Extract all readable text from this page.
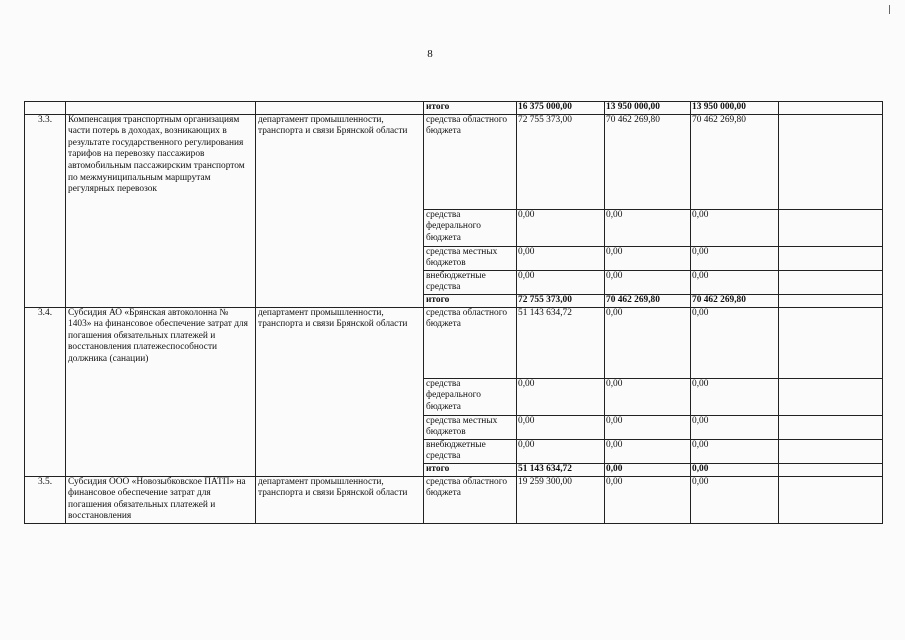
8
			итого	16 375 000,00	13 950 000,00	13 950 000,00	
3.3.	Компенсация транспортным организациям части потерь в доходах, возникающих в результате государственного регулирования тарифов на перевозку пассажиров автомобильным пассажирским транспортом по межмуниципальным маршрутам регулярных перевозок	департамент промышленности, транспорта и связи Брянской области	средства областного бюджета	72 755 373,00	70 462 269,80	70 462 269,80	
			средства федерального бюджета	0,00	0,00	0,00	
			средства местных бюджетов	0,00	0,00	0,00	
			внебюджетные средства	0,00	0,00	0,00	
			итого	72 755 373,00	70 462 269,80	70 462 269,80	
3.4.	Субсидия АО «Брянская автоколонна № 1403» на финансовое обеспечение затрат для погашения обязательных платежей и восстановления платежеспособности должника (санации)	департамент промышленности, транспорта и связи Брянской области	средства областного бюджета	51 143 634,72	0,00	0,00	
			средства федерального бюджета	0,00	0,00	0,00	
			средства местных бюджетов	0,00	0,00	0,00	
			внебюджетные средства	0,00	0,00	0,00	
			итого	51 143 634,72	0,00	0,00	
3.5.	Субсидия ООО «Новозыбковское ПАТП» на финансовое обеспечение затрат для погашения обязательных платежей и восстановления	департамент промышленности, транспорта и связи Брянской области	средства областного бюджета	19 259 300,00	0,00	0,00	
